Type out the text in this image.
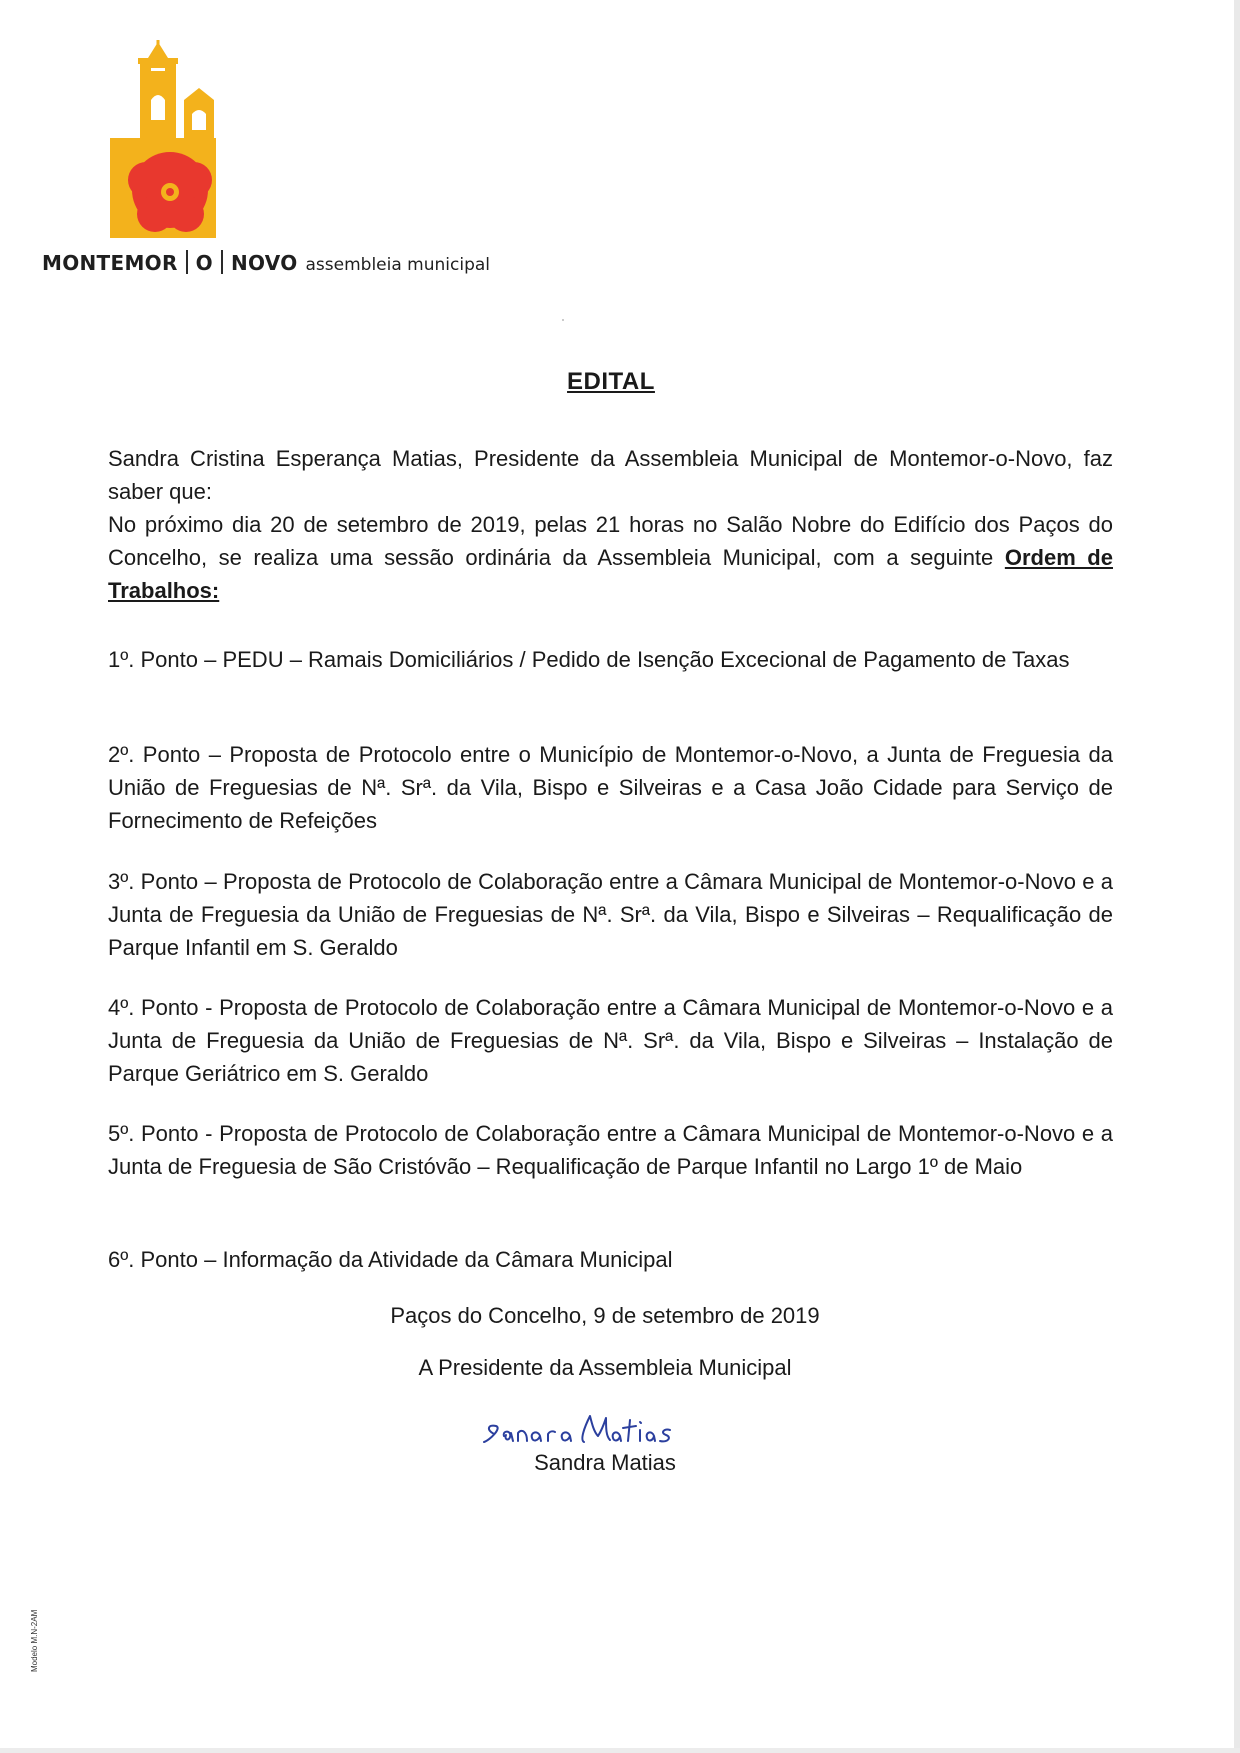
MONTEMOR O NOVO assembleia municipal
EDITAL

Sandra Cristina Esperança Matias, Presidente da Assembleia Municipal de Montemor-o-Novo, faz saber que:

No próximo dia 20 de setembro de 2019, pelas 21 horas no Salão Nobre do Edifício dos Paços do Concelho, se realiza uma sessão ordinária da Assembleia Municipal, com a seguinte Ordem de Trabalhos:

1º. Ponto – PEDU – Ramais Domiciliários / Pedido de Isenção Excecional de Pagamento de Taxas
2º. Ponto – Proposta de Protocolo entre o Município de Montemor-o-Novo, a Junta de Freguesia da União de Freguesias de Nª. Srª. da Vila, Bispo e Silveiras e a Casa João Cidade para Serviço de Fornecimento de Refeições
3º. Ponto – Proposta de Protocolo de Colaboração entre a Câmara Municipal de Montemor-o-Novo e a Junta de Freguesia da União de Freguesias de Nª. Srª. da Vila, Bispo e Silveiras – Requalificação de Parque Infantil em S. Geraldo
4º. Ponto - Proposta de Protocolo de Colaboração entre a Câmara Municipal de Montemor-o-Novo e a Junta de Freguesia da União de Freguesias de Nª. Srª. da Vila, Bispo e Silveiras – Instalação de Parque Geriátrico em S. Geraldo
5º. Ponto - Proposta de Protocolo de Colaboração entre a Câmara Municipal de Montemor-o-Novo e a Junta de Freguesia de São Cristóvão – Requalificação de Parque Infantil no Largo 1º de Maio
6º. Ponto – Informação da Atividade da Câmara Municipal
Paços do Concelho, 9 de setembro de 2019
A Presidente da Assembleia Municipal
Sandra Matias	Sandra Matias
Modelo M.N-2AM
